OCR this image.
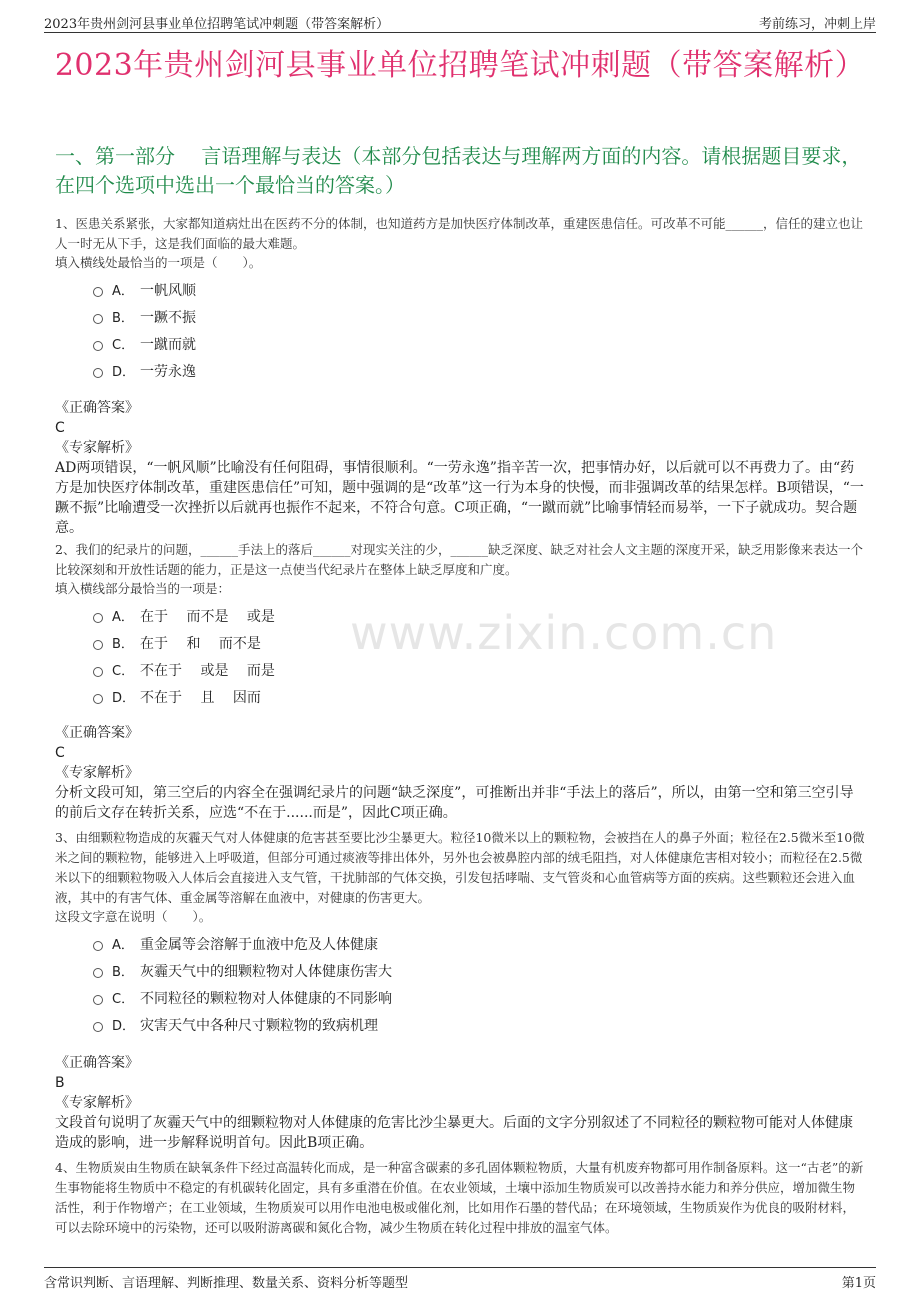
2023年贵州剑河县事业单位招聘笔试冲刺题（带答案解析）	考前练习，冲刺上岸
2023年贵州剑河县事业单位招聘笔试冲刺题（带答案解析）
一、第一部分　 言语理解与表达（本部分包括表达与理解两方面的内容。请根据题目要求，在四个选项中选出一个最恰当的答案。）
www.zixin.com.cn

1、医患关系紧张，大家都知道病灶出在医药不分的体制，也知道药方是加快医疗体制改革，重建医患信任。可改革不可能______，信任的建立也让人一时无从下手，这是我们面临的最大难题。

填入横线处最恰当的一项是（　　）。

A． 一帆风顺
B． 一蹶不振
C． 一蹴而就
D． 一劳永逸

《正确答案》

C

《专家解析》

AD两项错误，“一帆风顺”比喻没有任何阻碍，事情很顺利。“一劳永逸”指辛苦一次，把事情办好，以后就可以不再费力了。由“药方是加快医疗体制改革，重建医患信任”可知，题中强调的是“改革”这一行为本身的快慢，而非强调改革的结果怎样。B项错误，“一蹶不振”比喻遭受一次挫折以后就再也振作不起来，不符合句意。C项正确，“一蹴而就”比喻事情轻而易举，一下子就成功。契合题意。

2、我们的纪录片的问题，______手法上的落后______对现实关注的少，______缺乏深度、缺乏对社会人文主题的深度开采，缺乏用影像来表达一个比较深刻和开放性话题的能力，正是这一点使当代纪录片在整体上缺乏厚度和广度。

填入横线部分最恰当的一项是：

A． 在于　 而不是　 或是
B． 在于　 和　 而不是
C． 不在于　 或是　 而是
D． 不在于　 且　 因而

《正确答案》

C

《专家解析》

分析文段可知，第三空后的内容全在强调纪录片的问题“缺乏深度”，可推断出并非“手法上的落后”，所以，由第一空和第三空引导的前后文存在转折关系，应选“不在于......而是”，因此C项正确。

3、由细颗粒物造成的灰霾天气对人体健康的危害甚至要比沙尘暴更大。粒径10微米以上的颗粒物，会被挡在人的鼻子外面；粒径在2.5微米至10微米之间的颗粒物，能够进入上呼吸道，但部分可通过痰液等排出体外，另外也会被鼻腔内部的绒毛阻挡，对人体健康危害相对较小；而粒径在2.5微米以下的细颗粒物吸入人体后会直接进入支气管，干扰肺部的气体交换，引发包括哮喘、支气管炎和心血管病等方面的疾病。这些颗粒还会进入血液，其中的有害气体、重金属等溶解在血液中，对健康的伤害更大。

这段文字意在说明（　　）。

A． 重金属等会溶解于血液中危及人体健康
B． 灰霾天气中的细颗粒物对人体健康伤害大
C． 不同粒径的颗粒物对人体健康的不同影响
D． 灾害天气中各种尺寸颗粒物的致病机理

《正确答案》

B

《专家解析》

文段首句说明了灰霾天气中的细颗粒物对人体健康的危害比沙尘暴更大。后面的文字分别叙述了不同粒径的颗粒物可能对人体健康造成的影响，进一步解释说明首句。因此B项正确。

4、生物质炭由生物质在缺氧条件下经过高温转化而成，是一种富含碳素的多孔固体颗粒物质，大量有机废弃物都可用作制备原料。这一“古老”的新生事物能将生物质中不稳定的有机碳转化固定，具有多重潜在价值。在农业领域，土壤中添加生物质炭可以改善持水能力和养分供应，增加微生物活性，利于作物增产；在工业领域，生物质炭可以用作电池电极或催化剂，比如用作石墨的替代品；在环境领域，生物质炭作为优良的吸附材料，可以去除环境中的污染物，还可以吸附游离碳和氮化合物，减少生物质在转化过程中排放的温室气体。

含常识判断、言语理解、判断推理、数量关系、资料分析等题型	第1页
